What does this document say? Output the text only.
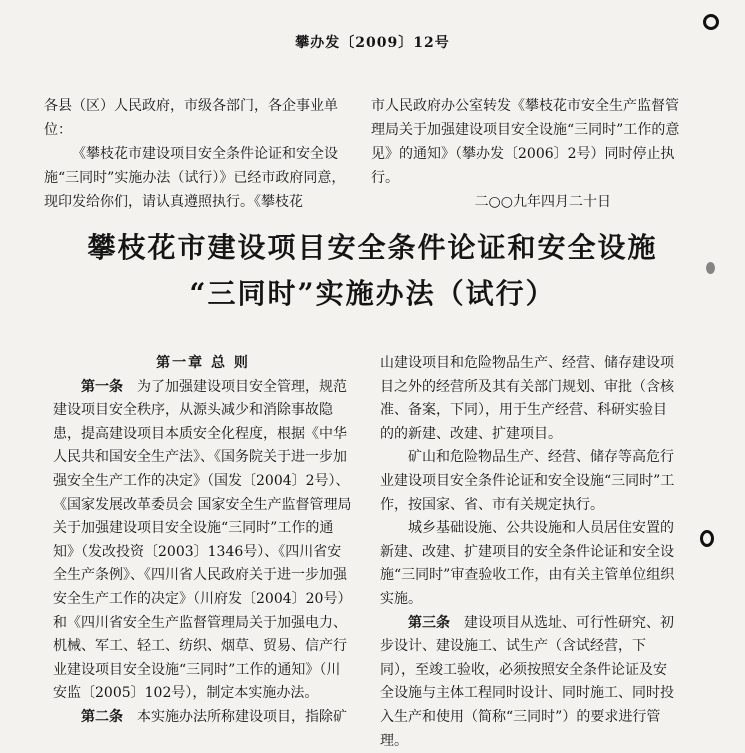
攀办发〔2009〕12号

各县（区）人民政府，市级各部门，各企事业单位：

《攀枝花市建设项目安全条件论证和安全设施“三同时”实施办法（试行）》已经市政府同意，现印发给你们，请认真遵照执行。《攀枝花

市人民政府办公室转发《攀枝花市安全生产监督管理局关于加强建设项目安全设施“三同时”工作的意见》的通知》（攀办发〔2006〕2号）同时停止执行。

二○○九年四月二十日

攀枝花市建设项目安全条件论证和安全设施
“三同时”实施办法（试行）

第一章 总 则

第一条　 为了加强建设项目安全管理，规范建设项目安全秩序，从源头减少和消除事故隐患，提高建设项目本质安全化程度，根据《中华人民共和国安全生产法》、《国务院关于进一步加强安全生产工作的决定》（国发〔2004〕2号）、《国家发展改革委员会 国家安全生产监督管理局 关于加强建设项目安全设施“三同时”工作的通知》（发改投资〔2003〕1346号）、《四川省安全生产条例》、《四川省人民政府关于进一步加强安全生产工作的决定》（川府发〔2004〕20号）和《四川省安全生产监督管理局关于加强电力、机械、军工、轻工、纺织、烟草、贸易、信产行业建设项目安全设施“三同时”工作的通知》（川安监〔2005〕102号），制定本实施办法。

第二条　 本实施办法所称建设项目，指除矿

山建设项目和危险物品生产、经营、储存建设项目之外的经营所及其有关部门规划、审批（含核准、备案，下同），用于生产经营、科研实验目的的新建、改建、扩建项目。

矿山和危险物品生产、经营、储存等高危行业建设项目安全条件论证和安全设施“三同时”工作，按国家、省、市有关规定执行。

城乡基础设施、公共设施和人员居住安置的新建、改建、扩建项目的安全条件论证和安全设施“三同时”审查验收工作，由有关主管单位组织实施。

第三条　 建设项目从选址、可行性研究、初步设计、建设施工、试生产（含试经营，下同），至竣工验收，必须按照安全条件论证及安全设施与主体工程同时设计、同时施工、同时投入生产和使用（简称“三同时”）的要求进行管理。
